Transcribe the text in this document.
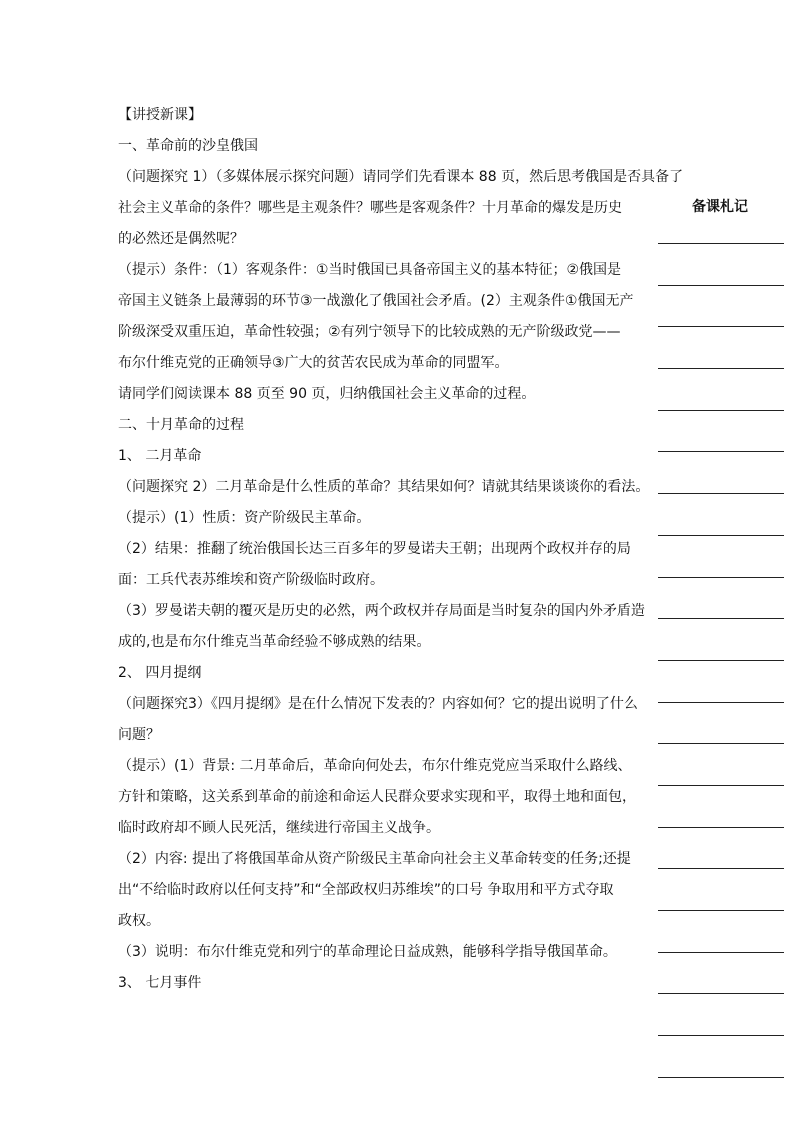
【讲授新课】
一、革命前的沙皇俄国
（问题探究 1）（多媒体展示探究问题）请同学们先看课本 88 页，然后思考俄国是否具备了
社会主义革命的条件？哪些是主观条件？哪些是客观条件？十月革命的爆发是历史
的必然还是偶然呢？
（提示）条件：（1）客观条件：①当时俄国已具备帝国主义的基本特征；②俄国是
帝国主义链条上最薄弱的环节③一战激化了俄国社会矛盾。(2）主观条件①俄国无产
阶级深受双重压迫，革命性较强；②有列宁领导下的比较成熟的无产阶级政党——
布尔什维克党的正确领导③广大的贫苦农民成为革命的同盟军。
请同学们阅读课本 88 页至 90 页，归纳俄国社会主义革命的过程。
二、十月革命的过程
1、 二月革命
（问题探究 2）二月革命是什么性质的革命？其结果如何？请就其结果谈谈你的看法。
（提示）(1）性质：资产阶级民主革命。
（2）结果：推翻了统治俄国长达三百多年的罗曼诺夫王朝；出现两个政权并存的局
面：工兵代表苏维埃和资产阶级临时政府。
（3）罗曼诺夫朝的覆灭是历史的必然，两个政权并存局面是当时复杂的国内外矛盾造
成的,也是布尔什维克当革命经验不够成熟的结果。
2、 四月提纲
（问题探究3）《四月提纲》是在什么情况下发表的？内容如何？它的提出说明了什么
问题？
（提示）(1）背景: 二月革命后，革命向何处去，布尔什维克党应当采取什么路线、
方针和策略，这关系到革命的前途和命运人民群众要求实现和平，取得土地和面包，
临时政府却不顾人民死活，继续进行帝国主义战争。
（2）内容: 提出了将俄国革命从资产阶级民主革命向社会主义革命转变的任务;还提
出“不给临时政府以任何支持”和“全部政权归苏维埃”的口号 争取用和平方式夺取
政权。
（3）说明：布尔什维克党和列宁的革命理论日益成熟，能够科学指导俄国革命。
3、 七月事件
备课札记
